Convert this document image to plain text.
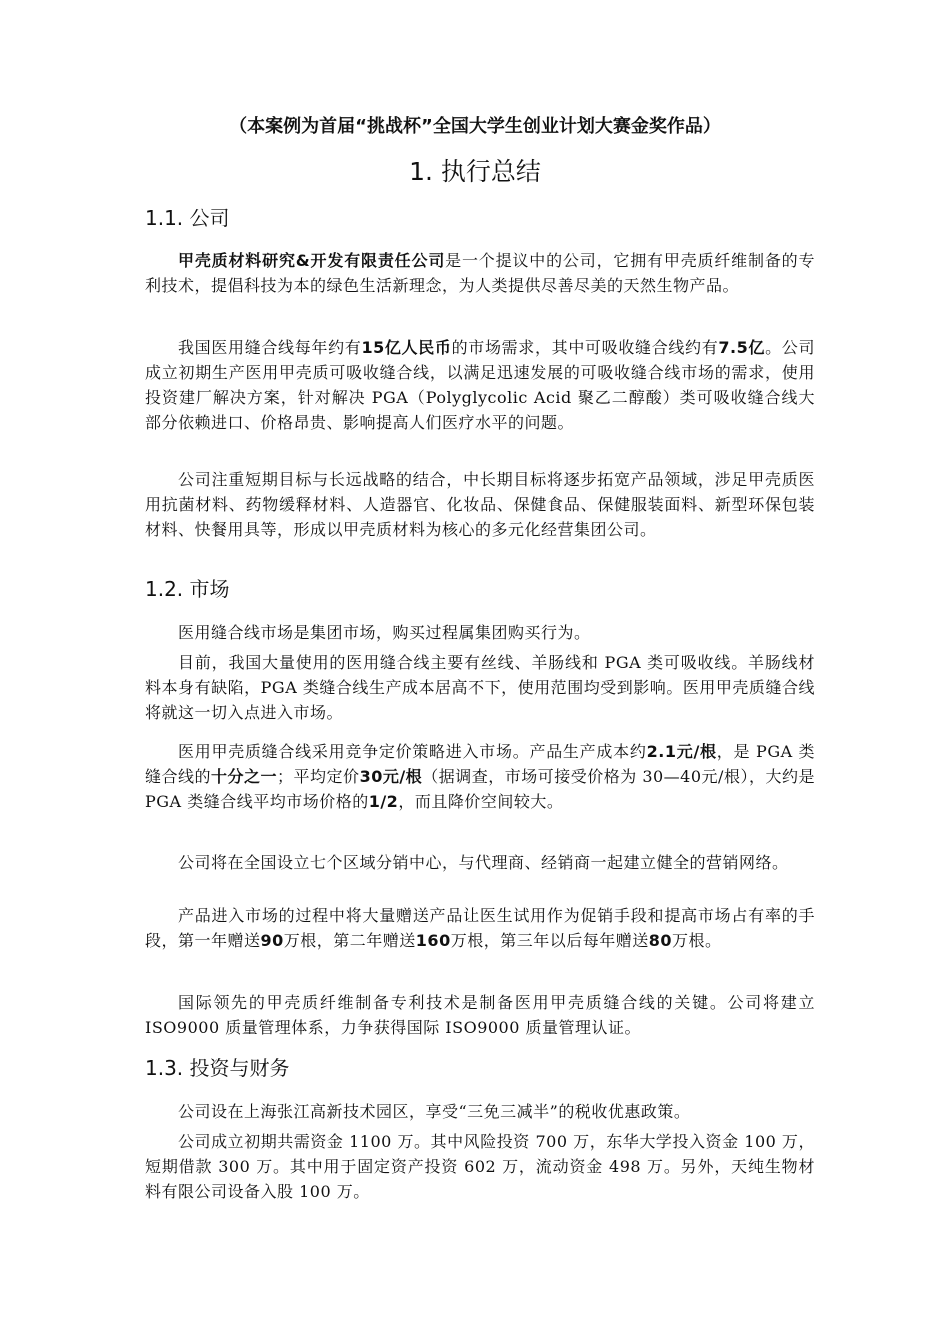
（本案例为首届“挑战杯”全国大学生创业计划大赛金奖作品）
1. 执行总结
1.1. 公司

甲壳质材料研究&开发有限责任公司是一个提议中的公司，它拥有甲壳质纤维制备的专利技术，提倡科技为本的绿色生活新理念，为人类提供尽善尽美的天然生物产品。

我国医用缝合线每年约有15亿人民币的市场需求，其中可吸收缝合线约有7.5亿。公司成立初期生产医用甲壳质可吸收缝合线，以满足迅速发展的可吸收缝合线市场的需求，使用投资建厂解决方案，针对解决 PGA（Polyglycolic Acid 聚乙二醇酸）类可吸收缝合线大部分依赖进口、价格昂贵、影响提高人们医疗水平的问题。

公司注重短期目标与长远战略的结合，中长期目标将逐步拓宽产品领域，涉足甲壳质医用抗菌材料、药物缓释材料、人造器官、化妆品、保健食品、保健服装面料、新型环保包装材料、快餐用具等，形成以甲壳质材料为核心的多元化经营集团公司。

1.2. 市场

医用缝合线市场是集团市场，购买过程属集团购买行为。

目前，我国大量使用的医用缝合线主要有丝线、羊肠线和 PGA 类可吸收线。羊肠线材料本身有缺陷，PGA 类缝合线生产成本居高不下，使用范围均受到影响。医用甲壳质缝合线将就这一切入点进入市场。

医用甲壳质缝合线采用竞争定价策略进入市场。产品生产成本约2.1元/根，是 PGA 类缝合线的十分之一；平均定价30元/根（据调查，市场可接受价格为 30—40元/根），大约是 PGA 类缝合线平均市场价格的1/2，而且降价空间较大。

公司将在全国设立七个区域分销中心，与代理商、经销商一起建立健全的营销网络。

产品进入市场的过程中将大量赠送产品让医生试用作为促销手段和提高市场占有率的手段，第一年赠送90万根，第二年赠送160万根，第三年以后每年赠送80万根。

国际领先的甲壳质纤维制备专利技术是制备医用甲壳质缝合线的关键。公司将建立 ISO9000 质量管理体系，力争获得国际 ISO9000 质量管理认证。

1.3. 投资与财务

公司设在上海张江高新技术园区，享受“三免三减半”的税收优惠政策。

公司成立初期共需资金 1100 万。其中风险投资 700 万，东华大学投入资金 100 万，短期借款 300 万。其中用于固定资产投资 602 万，流动资金 498 万。另外，天纯生物材料有限公司设备入股 100 万。
